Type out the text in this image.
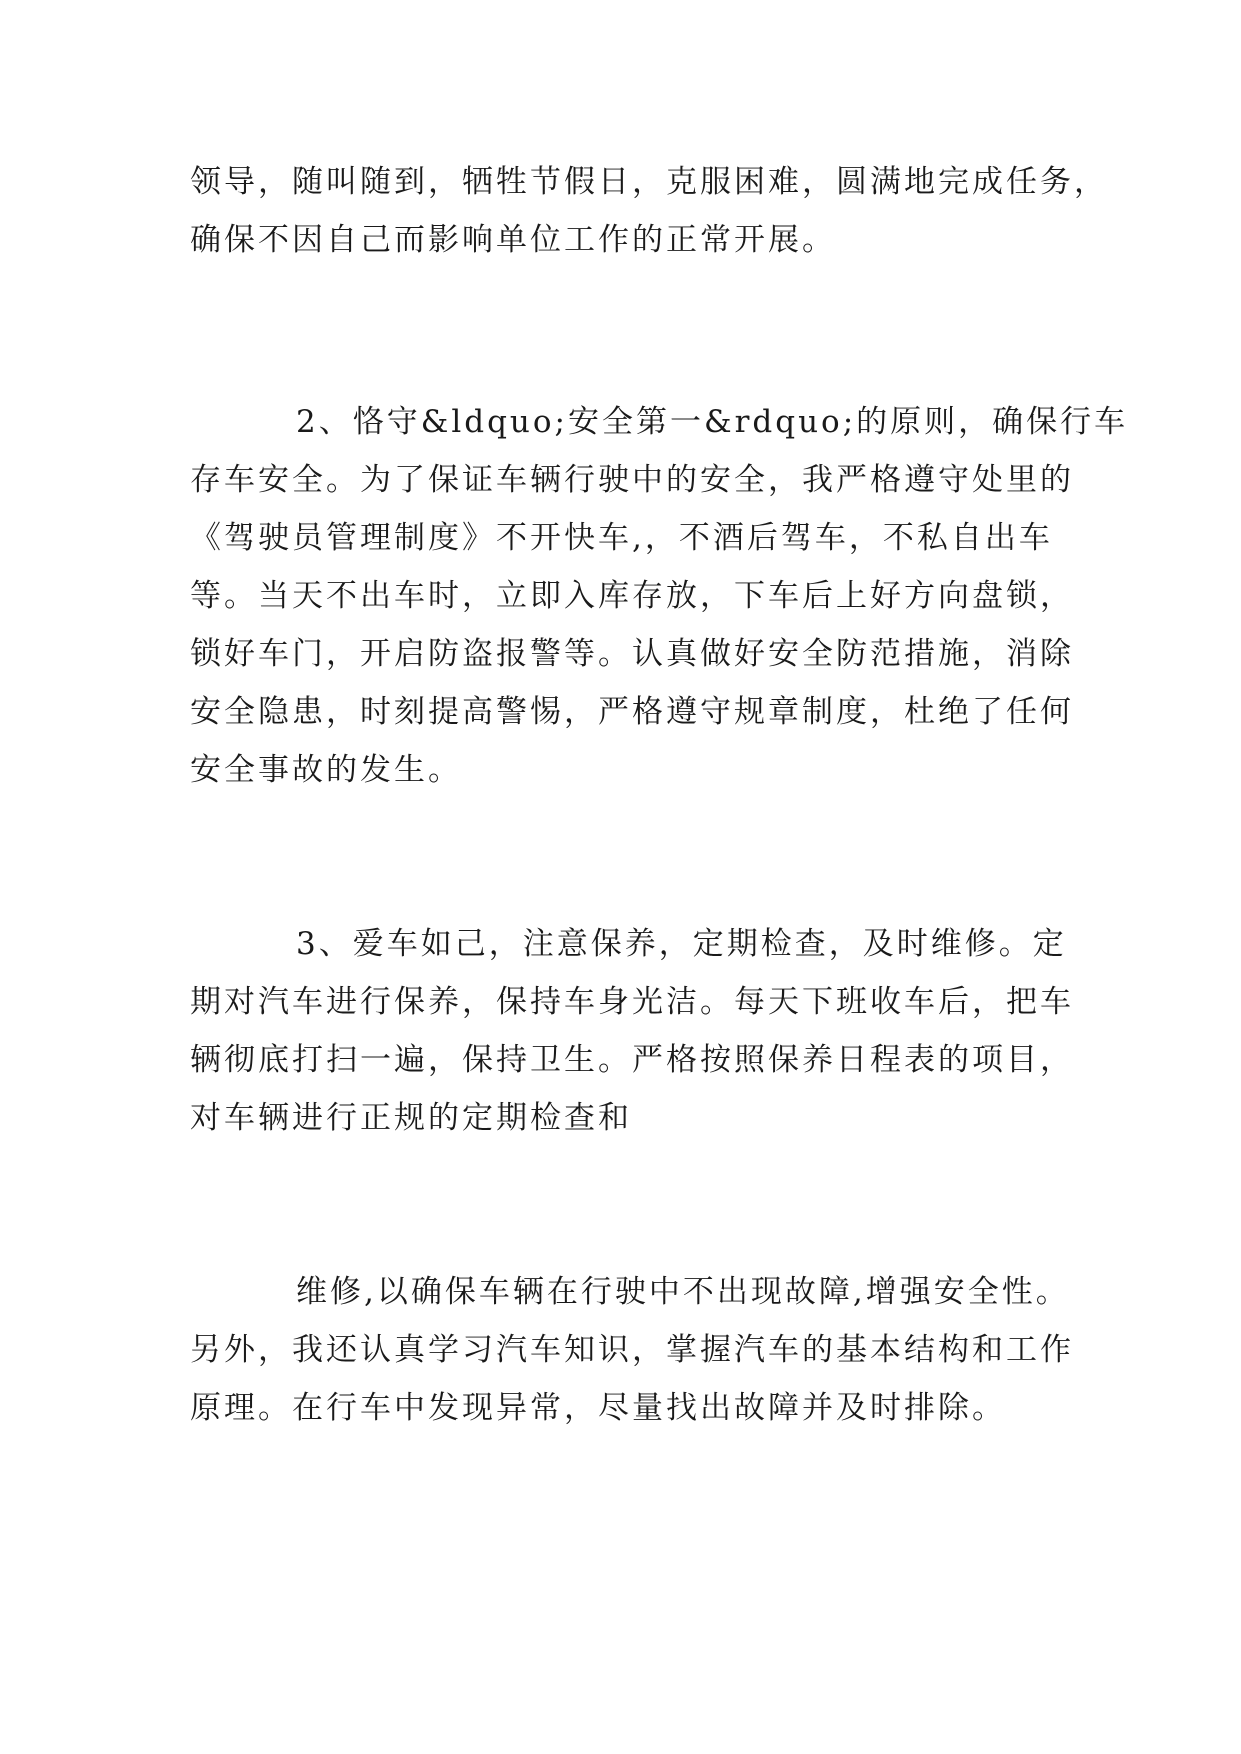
领导，随叫随到，牺牲节假日，克服困难，圆满地完成任务，
确保不因自己而影响单位工作的正常开展。

2、恪守&ldquo;安全第一&rdquo;的原则，确保行车
存车安全。为了保证车辆行驶中的安全，我严格遵守处里的
《驾驶员管理制度》不开快车,，不酒后驾车，不私自出车
等。当天不出车时，立即入库存放，下车后上好方向盘锁，
锁好车门，开启防盗报警等。认真做好安全防范措施，消除
安全隐患，时刻提高警惕，严格遵守规章制度，杜绝了任何
安全事故的发生。

3、爱车如己，注意保养，定期检查，及时维修。定
期对汽车进行保养，保持车身光洁。每天下班收车后，把车
辆彻底打扫一遍，保持卫生。严格按照保养日程表的项目，
对车辆进行正规的定期检查和

维修,以确保车辆在行驶中不出现故障,增强安全性。
另外，我还认真学习汽车知识，掌握汽车的基本结构和工作
原理。在行车中发现异常，尽量找出故障并及时排除。
